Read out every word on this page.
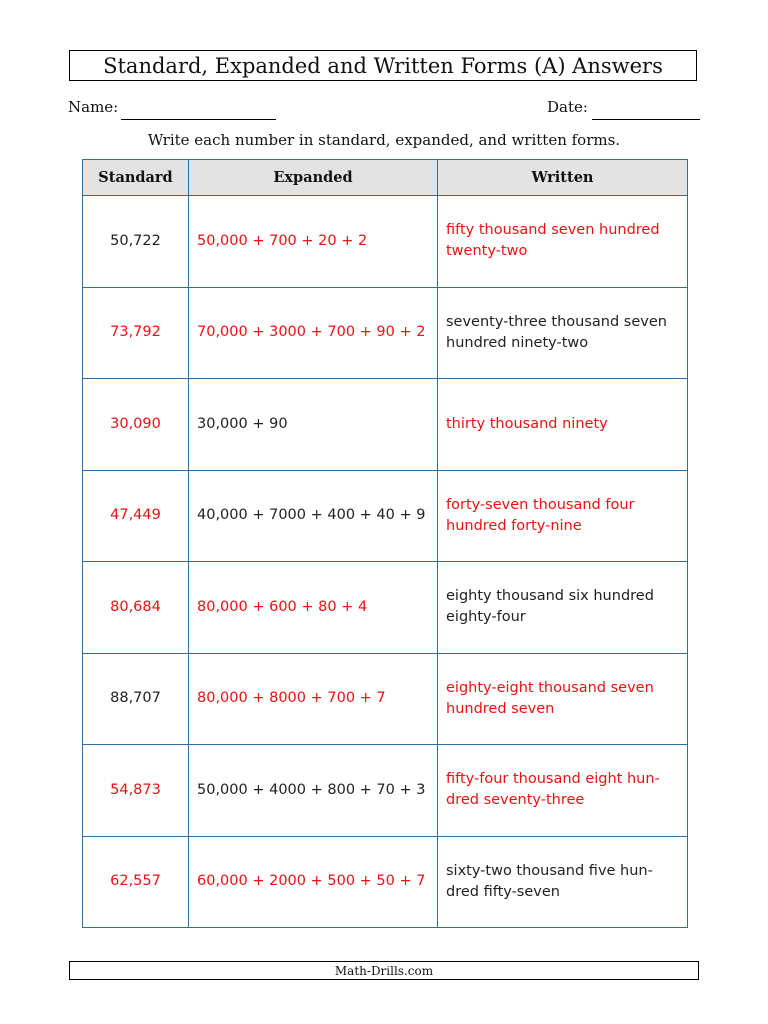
Standard, Expanded and Written Forms (A) Answers
Name:	Date:
Write each number in standard, expanded, and written forms.
Standard	Expanded	Written
50,722	50,000 + 700 + 20 + 2	fifty thousand seven hundred twenty-two
73,792	70,000 + 3000 + 700 + 90 + 2	seventy-three thousand seven hundred ninety-two
30,090	30,000 + 90	thirty thousand ninety
47,449	40,000 + 7000 + 400 + 40 + 9	forty-seven thousand four hundred forty-nine
80,684	80,000 + 600 + 80 + 4	eighty thousand six hundred eighty-four
88,707	80,000 + 8000 + 700 + 7	eighty-eight thousand seven hundred seven
54,873	50,000 + 4000 + 800 + 70 + 3	fifty-four thousand eight hun-dred seventy-three
62,557	60,000 + 2000 + 500 + 50 + 7	sixty-two thousand five hun-dred fifty-seven
Math-Drills.com
